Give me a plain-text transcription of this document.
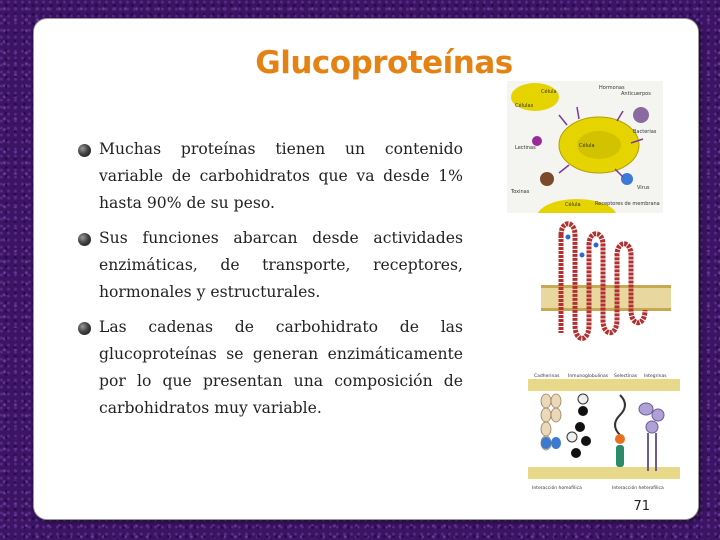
Glucoproteínas
Muchas proteínas tienen un contenido variable de carbohidratos que va desde 1% hasta 90% de su peso.
Sus funciones abarcan desde actividades enzimáticas, de transporte, receptores, hormonales y estructurales.
Las cadenas de carbohidrato de las glucoproteínas se generan enzimáticamente por lo que presentan una composición de carbohidratos muy variable.
Célula
Célula
Célula
Hormonas
Anticuerpos
Bacterias
Células
Lectinas
Toxinas
Virus
Receptores de membrana
Cadherinas Inmunoglobulinas Selectinas Integrinas
Interacción homofílica	Interacción heterofílica
71
